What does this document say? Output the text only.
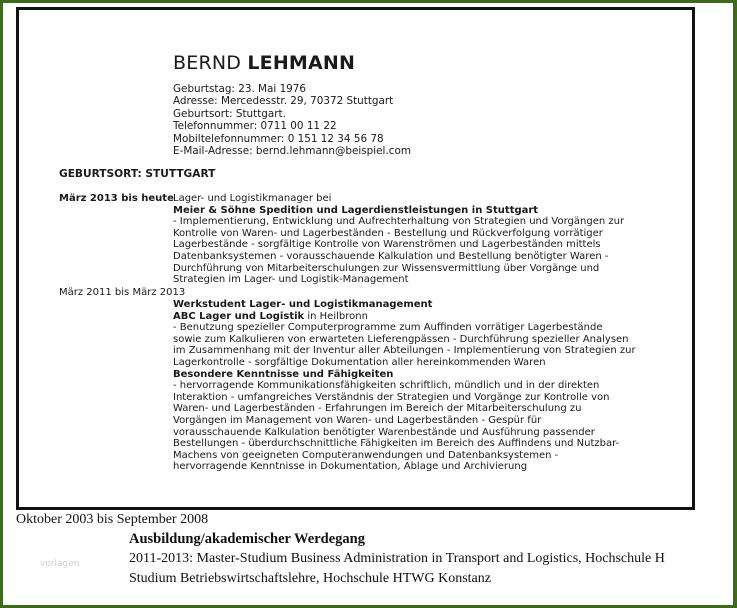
BERND LEHMANN
Geburtstag: 23. Mai 1976
Adresse: Mercedesstr. 29, 70372 Stuttgart
Geburtsort: Stuttgart.
Telefonnummer: 0711 00 11 22
Mobiltelefonnummer: 0 151 12 34 56 78
E-Mail-Adresse: bernd.lehmann@beispiel.com
GEBURTSORT: STUTTGART
März 2013 bis heute Lager- und Logistikmanager bei
Meier & Söhne Spedition und Lagerdienstleistungen in Stuttgart
- Implementierung, Entwicklung und Aufrechterhaltung von Strategien und Vorgängen zur
Kontrolle von Waren- und Lagerbeständen - Bestellung und Rückverfolgung vorrätiger
Lagerbestände - sorgfältige Kontrolle von Warenströmen und Lagerbeständen mittels
Datenbanksystemen - vorausschauende Kalkulation und Bestellung benötigter Waren -
Durchführung von Mitarbeiterschulungen zur Wissensvermittlung über Vorgänge und
Strategien im Lager- und Logistik-Management
März 2011 bis März 2013
Werkstudent Lager- und Logistikmanagement
ABC Lager und Logistik in Heilbronn
- Benutzung spezieller Computerprogramme zum Auffinden vorrätiger Lagerbestände
sowie zum Kalkulieren von erwarteten Lieferengpässen - Durchführung spezieller Analysen
im Zusammenhang mit der Inventur aller Abteilungen - Implementierung von Strategien zur
Lagerkontrolle - sorgfältige Dokumentation aller hereinkommenden Waren
Besondere Kenntnisse und Fähigkeiten
- hervorragende Kommunikationsfähigkeiten schriftlich, mündlich und in der direkten
Interaktion - umfangreiches Verständnis der Strategien und Vorgänge zur Kontrolle von
Waren- und Lagerbeständen - Erfahrungen im Bereich der Mitarbeiterschulung zu
Vorgängen im Management von Waren- und Lagerbeständen - Gespür für
vorausschauende Kalkulation benötigter Warenbestände und Ausführung passender
Bestellungen - überdurchschnittliche Fähigkeiten im Bereich des Auffindens und Nutzbar-
Machens von geeigneten Computeranwendungen und Datenbanksystemen -
hervorragende Kenntnisse in Dokumentation, Ablage und Archivierung
Oktober 2003 bis September 2008
Ausbildung/akademischer Werdegang
2011-2013: Master-Studium Business Administration in Transport and Logistics, Hochschule H
Studium Betriebswirtschaftslehre, Hochschule HTWG Konstanz
vorlagen
